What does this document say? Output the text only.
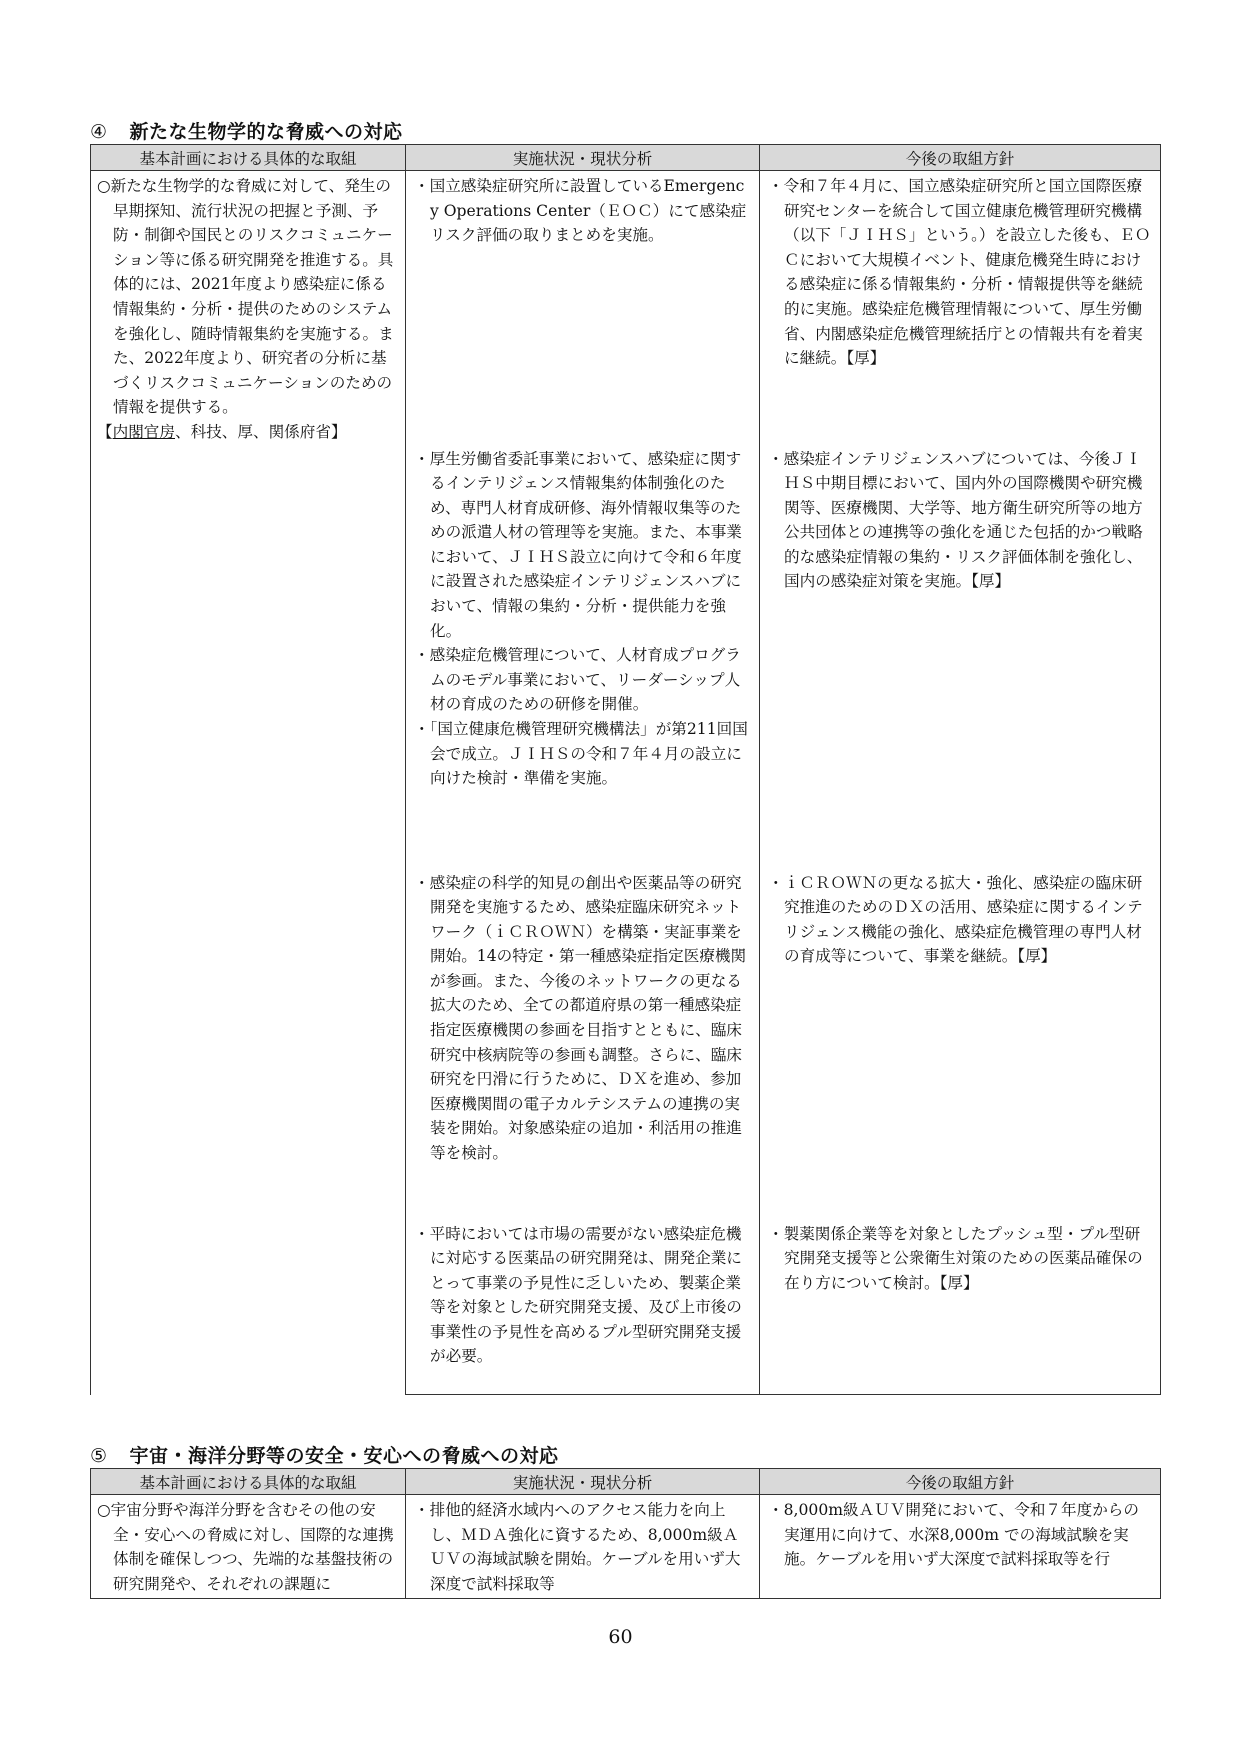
④ 新たな生物学的な脅威への対応
基本計画における具体的な取組	実施状況・現状分析	今後の取組方針

○新たな生物学的な脅威に対して、発生の早期探知、流行状況の把握と予測、予防・制御や国民とのリスクコミュニケーション等に係る研究開発を推進する。具体的には、2021年度より感染症に係る情報集約・分析・提供のためのシステムを強化し、随時情報集約を実施する。また、2022年度より、研究者の分析に基づくリスクコミュニケーションのための情報を提供する。
【内閣官房、科技、厚、関係府省】	・国立感染症研究所に設置しているEmergency Operations Center（ＥＯＣ）にて感染症リスク評価の取りまとめを実施。	・令和７年４月に、国立感染症研究所と国立国際医療研究センターを統合して国立健康危機管理研究機構（以下「ＪＩＨＳ」という。）を設立した後も、ＥＯＣにおいて大規模イベント、健康危機発生時における感染症に係る情報集約・分析・情報提供等を継続的に実施。感染症危機管理情報について、厚生労働省、内閣感染症危機管理統括庁との情報共有を着実に継続。【厚】

	・厚生労働省委託事業において、感染症に関するインテリジェンス情報集約体制強化のため、専門人材育成研修、海外情報収集等のための派遣人材の管理等を実施。また、本事業において、ＪＩＨＳ設立に向けて令和６年度に設置された感染症インテリジェンスハブにおいて、情報の集約・分析・提供能力を強化。
・感染症危機管理について、人材育成プログラムのモデル事業において、リーダーシップ人材の育成のための研修を開催。
・「国立健康危機管理研究機構法」が第211回国会で成立。ＪＩＨＳの令和７年４月の設立に向けた検討・準備を実施。	・感染症インテリジェンスハブについては、今後ＪＩＨＳ中期目標において、国内外の国際機関や研究機関等、医療機関、大学等、地方衛生研究所等の地方公共団体との連携等の強化を通じた包括的かつ戦略的な感染症情報の集約・リスク評価体制を強化し、国内の感染症対策を実施。【厚】

	・感染症の科学的知見の創出や医薬品等の研究開発を実施するため、感染症臨床研究ネットワーク（ｉＣＲＯＷＮ）を構築・実証事業を開始。14の特定・第一種感染症指定医療機関が参画。また、今後のネットワークの更なる拡大のため、全ての都道府県の第一種感染症指定医療機関の参画を目指すとともに、臨床研究中核病院等の参画も調整。さらに、臨床研究を円滑に行うために、ＤＸを進め、参加医療機関間の電子カルテシステムの連携の実装を開始。対象感染症の追加・利活用の推進等を検討。	・ｉＣＲＯＷＮの更なる拡大・強化、感染症の臨床研究推進のためのＤＸの活用、感染症に関するインテリジェンス機能の強化、感染症危機管理の専門人材の育成等について、事業を継続。【厚】

	・平時においては市場の需要がない感染症危機に対応する医薬品の研究開発は、開発企業にとって事業の予見性に乏しいため、製薬企業等を対象とした研究開発支援、及び上市後の事業性の予見性を高めるプル型研究開発支援が必要。	・製薬関係企業等を対象としたプッシュ型・プル型研究開発支援等と公衆衛生対策のための医薬品確保の在り方について検討。【厚】
⑤ 宇宙・海洋分野等の安全・安心への脅威への対応
基本計画における具体的な取組	実施状況・現状分析	今後の取組方針

○宇宙分野や海洋分野を含むその他の安全・安心への脅威に対し、国際的な連携体制を確保しつつ、先端的な基盤技術の研究開発や、それぞれの課題に	・排他的経済水域内へのアクセス能力を向上し、ＭＤＡ強化に資するため、8,000m級ＡＵＶの海域試験を開始。ケーブルを用いず大深度で試料採取等	・8,000m級ＡＵＶ開発において、令和７年度からの実運用に向けて、水深8,000m での海域試験を実施。ケーブルを用いず大深度で試料採取等を行
60
